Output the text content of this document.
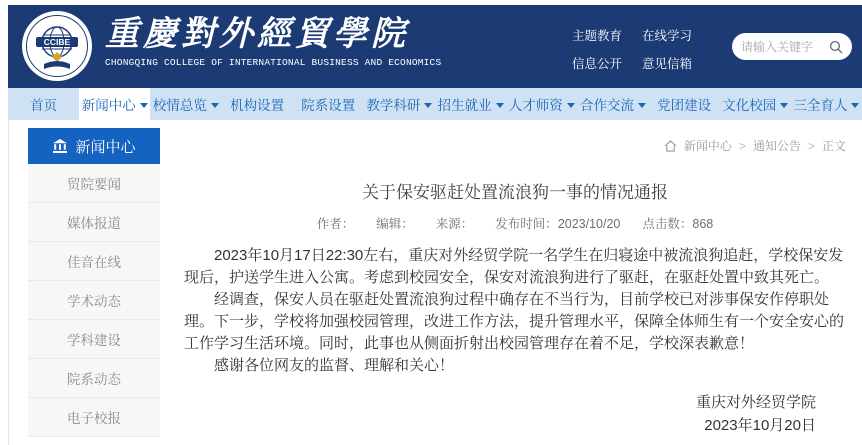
CCIBE 重慶對外經貿學院
CHONGQING COLLEGE OF INTERNATIONAL BUSINESS AND ECONOMICS
主题教育 在线学习
信息公开 意见信箱
请输入关键字
首页 新闻中心 校情总览 机构设置 院系设置 教学科研 招生就业 人才师资 合作交流 党团建设 文化校园 三全育人
新闻中心
贸院要闻
媒体报道
佳音在线
学术动态
学科建设
院系动态
电子校报
新闻中心 > 通知公告 > 正文
关于保安驱赶处置流浪狗一事的情况通报
作者： 编辑： 来源： 发布时间：2023/10/20 点击数：868

2023年10月17日22:30左右，重庆对外经贸学院一名学生在归寝途中被流浪狗追赶，学校保安发现后，护送学生进入公寓。考虑到校园安全，保安对流浪狗进行了驱赶，在驱赶处置中致其死亡。

经调查，保安人员在驱赶处置流浪狗过程中确存在不当行为，目前学校已对涉事保安作停职处理。下一步，学校将加强校园管理，改进工作方法，提升管理水平，保障全体师生有一个安全安心的工作学习生活环境。同时，此事也从侧面折射出校园管理存在着不足，学校深表歉意！

感谢各位网友的监督、理解和关心！

重庆对外经贸学院
2023年10月20日
